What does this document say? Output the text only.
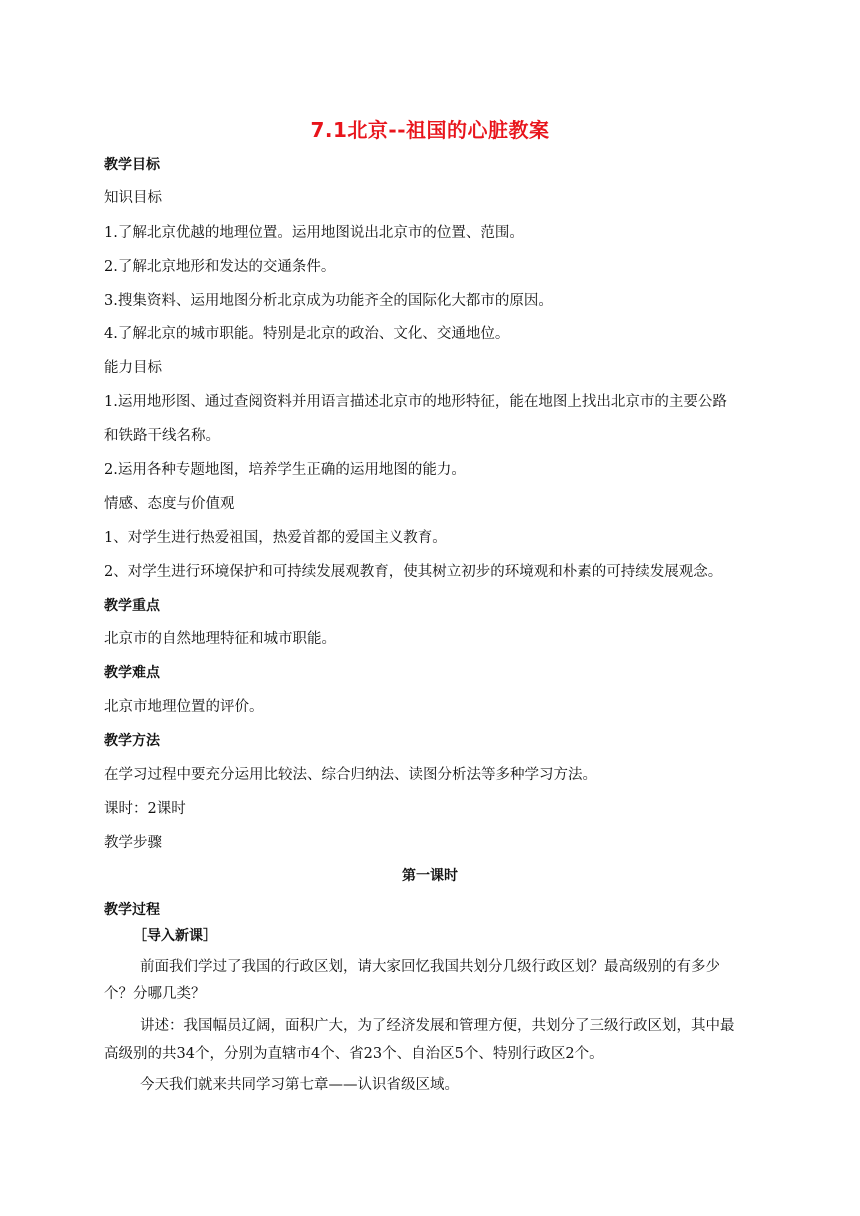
7.1北京--祖国的心脏教案
教学目标
知识目标
1.了解北京优越的地理位置。运用地图说出北京市的位置、范围。
2.了解北京地形和发达的交通条件。
3.搜集资料、运用地图分析北京成为功能齐全的国际化大都市的原因。
4.了解北京的城市职能。特别是北京的政治、文化、交通地位。
能力目标
1.运用地形图、通过查阅资料并用语言描述北京市的地形特征，能在地图上找出北京市的主要公路
和铁路干线名称。
2.运用各种专题地图，培养学生正确的运用地图的能力。
情感、态度与价值观
1、对学生进行热爱祖国，热爱首都的爱国主义教育。
2、对学生进行环境保护和可持续发展观教育，使其树立初步的环境观和朴素的可持续发展观念。
教学重点
北京市的自然地理特征和城市职能。
教学难点
北京市地理位置的评价。
教学方法
在学习过程中要充分运用比较法、综合归纳法、读图分析法等多种学习方法。
课时：2课时
教学步骤
第一课时
教学过程
［导入新课］
前面我们学过了我国的行政区划，请大家回忆我国共划分几级行政区划？最高级别的有多少
个？分哪几类？
讲述：我国幅员辽阔，面积广大，为了经济发展和管理方便，共划分了三级行政区划，其中最
高级别的共34个，分别为直辖市4个、省23个、自治区5个、特别行政区2个。
今天我们就来共同学习第七章——认识省级区域。
